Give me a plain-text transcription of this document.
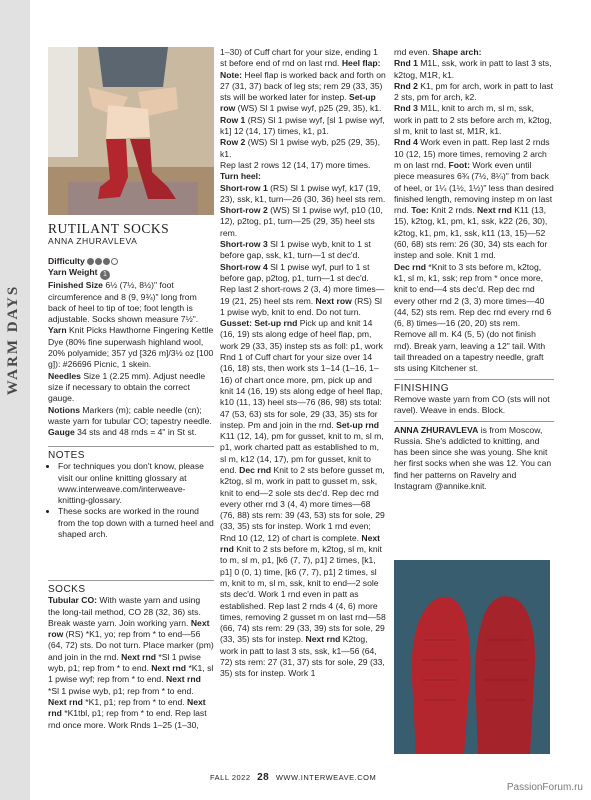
WARM DAYS
RUTILANT SOCKS
ANNA ZHURAVLEVA

Difficulty

Yarn Weight 1

Finished Size 6½ (7½, 8½)" foot circumference and 8 (9, 9¾)" long from back of heel to tip of toe; foot length is adjustable. Socks shown measure 7½".

Yarn Knit Picks Hawthorne Fingering Kettle Dye (80% fine superwash highland wool, 20% polyamide; 357 yd [326 m]/3½ oz [100 g]): #26696 Picnic, 1 skein.

Needles Size 1 (2.25 mm). Adjust needle size if necessary to obtain the correct gauge.

Notions Markers (m); cable needle (cn); waste yarn for tubular CO; tapestry needle.

Gauge 34 sts and 48 rnds = 4" in St st.

NOTES

• For techniques you don't know, please visit our online knitting glossary at www.interweave.com/interweave-knitting-glossary.
• These socks are worked in the round from the top down with a turned heel and shaped arch.

SOCKS

Tubular CO: With waste yarn and using the long-tail method, CO 28 (32, 36) sts. Break waste yarn. Join working yarn. Next row (RS) *K1, yo; rep from * to end—56 (64, 72) sts. Do not turn. Place marker (pm) and join in the rnd. Next rnd *Sl 1 pwise wyb, p1; rep from * to end. Next rnd *K1, sl 1 pwise wyf; rep from * to end. Next rnd *Sl 1 pwise wyb, p1; rep from * to end. Next rnd *K1, p1; rep from * to end. Next rnd *K1tbl, p1; rep from * to end. Rep last rnd once more. Work Rnds 1–25 (1–30,

1–30) of Cuff chart for your size, ending 1 st before end of rnd on last rnd. Heel flap: Note: Heel flap is worked back and forth on 27 (31, 37) back of leg sts; rem 29 (33, 35) sts will be worked later for instep. Set-up row (WS) Sl 1 pwise wyf, p25 (29, 35), k1.

Row 1 (RS) Sl 1 pwise wyf, [sl 1 pwise wyf, k1] 12 (14, 17) times, k1, p1.

Row 2 (WS) Sl 1 pwise wyb, p25 (29, 35), k1.

Rep last 2 rows 12 (14, 17) more times.

Turn heel:

Short-row 1 (RS) Sl 1 pwise wyf, k17 (19, 23), ssk, k1, turn—26 (30, 36) heel sts rem.

Short-row 2 (WS) Sl 1 pwise wyf, p10 (10, 12), p2tog, p1, turn—25 (29, 35) heel sts rem.

Short-row 3 Sl 1 pwise wyb, knit to 1 st before gap, ssk, k1, turn—1 st dec'd.

Short-row 4 Sl 1 pwise wyf, purl to 1 st before gap, p2tog, p1, turn—1 st dec'd. Rep last 2 short-rows 2 (3, 4) more times—19 (21, 25) heel sts rem. Next row (RS) Sl 1 pwise wyb, knit to end. Do not turn. Gusset: Set-up rnd Pick up and knit 14 (16, 19) sts along edge of heel flap, pm, work 29 (33, 35) instep sts as foll: p1, work Rnd 1 of Cuff chart for your size over 14 (16, 18) sts, then work sts 1–14 (1–16, 1–16) of chart once more, pm, pick up and knit 14 (16, 19) sts along edge of heel flap, k10 (11, 13) heel sts—76 (86, 98) sts total: 47 (53, 63) sts for sole, 29 (33, 35) sts for instep. Pm and join in the rnd. Set-up rnd K11 (12, 14), pm for gusset, knit to m, sl m, p1, work charted patt as established to m, sl m, k12 (14, 17), pm for gusset, knit to end. Dec rnd Knit to 2 sts before gusset m, k2tog, sl m, work in patt to gusset m, ssk, knit to end—2 sole sts dec'd. Rep dec rnd every other rnd 3 (4, 4) more times—68 (76, 88) sts rem: 39 (43, 53) sts for sole, 29 (33, 35) sts for instep. Work 1 rnd even; Rnd 10 (12, 12) of chart is complete. Next rnd Knit to 2 sts before m, k2tog, sl m, knit to m, sl m, p1, [k6 (7, 7), p1] 2 times, [k1, p1] 0 (0, 1) time, [k6 (7, 7), p1] 2 times, sl m, knit to m, sl m, ssk, knit to end—2 sole sts dec'd. Work 1 rnd even in patt as established. Rep last 2 rnds 4 (4, 6) more times, removing 2 gusset m on last rnd—58 (66, 74) sts rem: 29 (33, 39) sts for sole, 29 (33, 35) sts for instep. Next rnd K2tog, work in patt to last 3 sts, ssk, k1—56 (64, 72) sts rem: 27 (31, 37) sts for sole, 29 (33, 35) sts for instep. Work 1

rnd even. Shape arch:

Rnd 1 M1L, ssk, work in patt to last 3 sts, k2tog, M1R, k1.

Rnd 2 K1, pm for arch, work in patt to last 2 sts, pm for arch, k2.

Rnd 3 M1L, knit to arch m, sl m, ssk, work in patt to 2 sts before arch m, k2tog, sl m, knit to last st, M1R, k1.

Rnd 4 Work even in patt. Rep last 2 rnds 10 (12, 15) more times, removing 2 arch m on last rnd. Foot: Work even until piece measures 6¾ (7½, 8¼)" from back of heel, or 1¼ (1½, 1½)" less than desired finished length, removing instep m on last rnd. Toe: Knit 2 rnds. Next rnd K11 (13, 15), k2tog, k1, pm, k1, ssk, k22 (26, 30), k2tog, k1, pm, k1, ssk, k11 (13, 15)—52 (60, 68) sts rem: 26 (30, 34) sts each for instep and sole. Knit 1 rnd.

Dec rnd *Knit to 3 sts before m, k2tog, k1, sl m, k1, ssk; rep from * once more, knit to end—4 sts dec'd. Rep dec rnd every other rnd 2 (3, 3) more times—40 (44, 52) sts rem. Rep dec rnd every rnd 6 (6, 8) times—16 (20, 20) sts rem. Remove all m. K4 (5, 5) (do not finish rnd). Break yarn, leaving a 12" tail. With tail threaded on a tapestry needle, graft sts using Kitchener st.

FINISHING

Remove waste yarn from CO (sts will not ravel). Weave in ends. Block.

ANNA ZHURAVLEVA is from Moscow, Russia. She's addicted to knitting, and has been since she was young. She knit her first socks when she was 12. You can find her patterns on Ravelry and Instagram @annike.knit.

FALL 2022 28 WWW.INTERWEAVE.COM
PassionForum.ru
